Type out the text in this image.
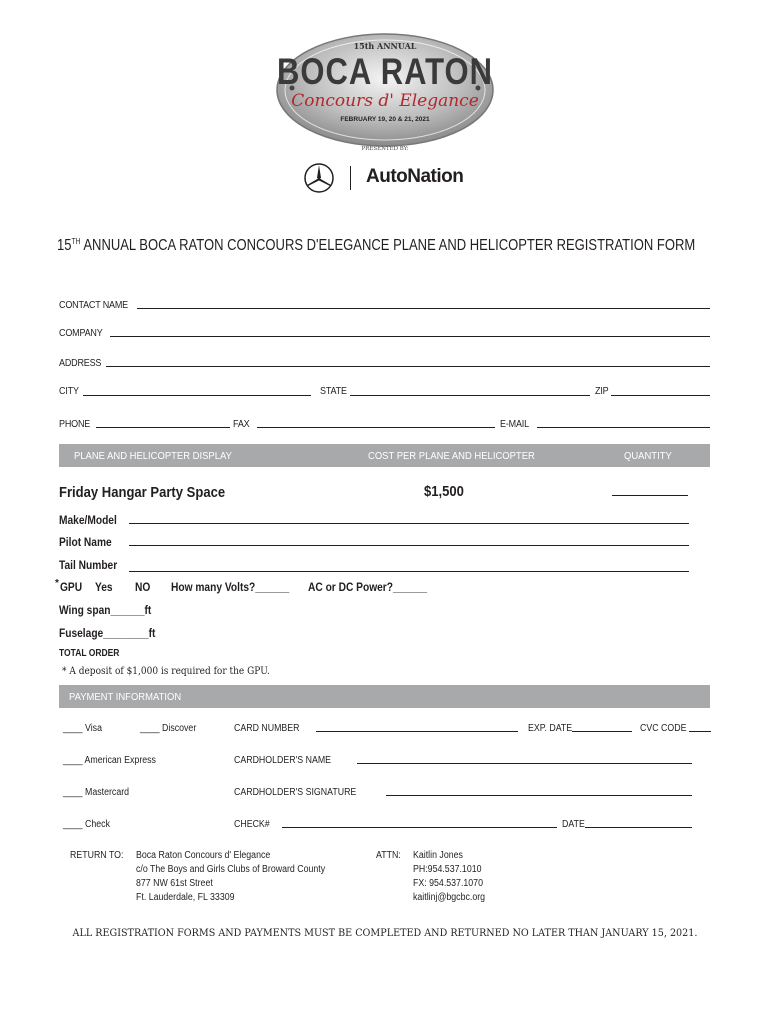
15th ANNUAL
BOCA RATON
Concours d' Elegance
FEBRUARY 19, 20 & 21, 2021
PRESENTED BY:
AutoNation
15TH ANNUAL BOCA RATON CONCOURS D'ELEGANCE PLANE AND HELICOPTER REGISTRATION FORM
CONTACT NAME
COMPANY
ADDRESS
CITY	STATE	ZIP
PHONE	FAX	E-MAIL
PLANE AND HELICOPTER DISPLAY	COST PER PLANE AND HELICOPTER	QUANTITY
Friday Hangar Party Space	$1,500
Make/Model
Pilot Name
Tail Number
* GPU Yes NO How many Volts?______ AC or DC Power?______
Wing span______ft
Fuselage________ft
TOTAL ORDER
* A deposit of $1,000 is required for the GPU.
PAYMENT INFORMATION
____ Visa	____ Discover	CARD NUMBER	EXP. DATE	CVC CODE
____ American Express	CARDHOLDER'S NAME
____ Mastercard	CARDHOLDER'S SIGNATURE
____ Check	CHECK#	DATE
RETURN TO: Boca Raton Concours d' Elegance
c/o The Boys and Girls Clubs of Broward County
877 NW 61st Street
Ft. Lauderdale, FL 33309
ATTN: Kaitlin Jones
PH:954.537.1010
FX: 954.537.1070
kaitlinj@bgcbc.org
ALL REGISTRATION FORMS AND PAYMENTS MUST BE COMPLETED AND RETURNED NO LATER THAN JANUARY 15, 2021.
